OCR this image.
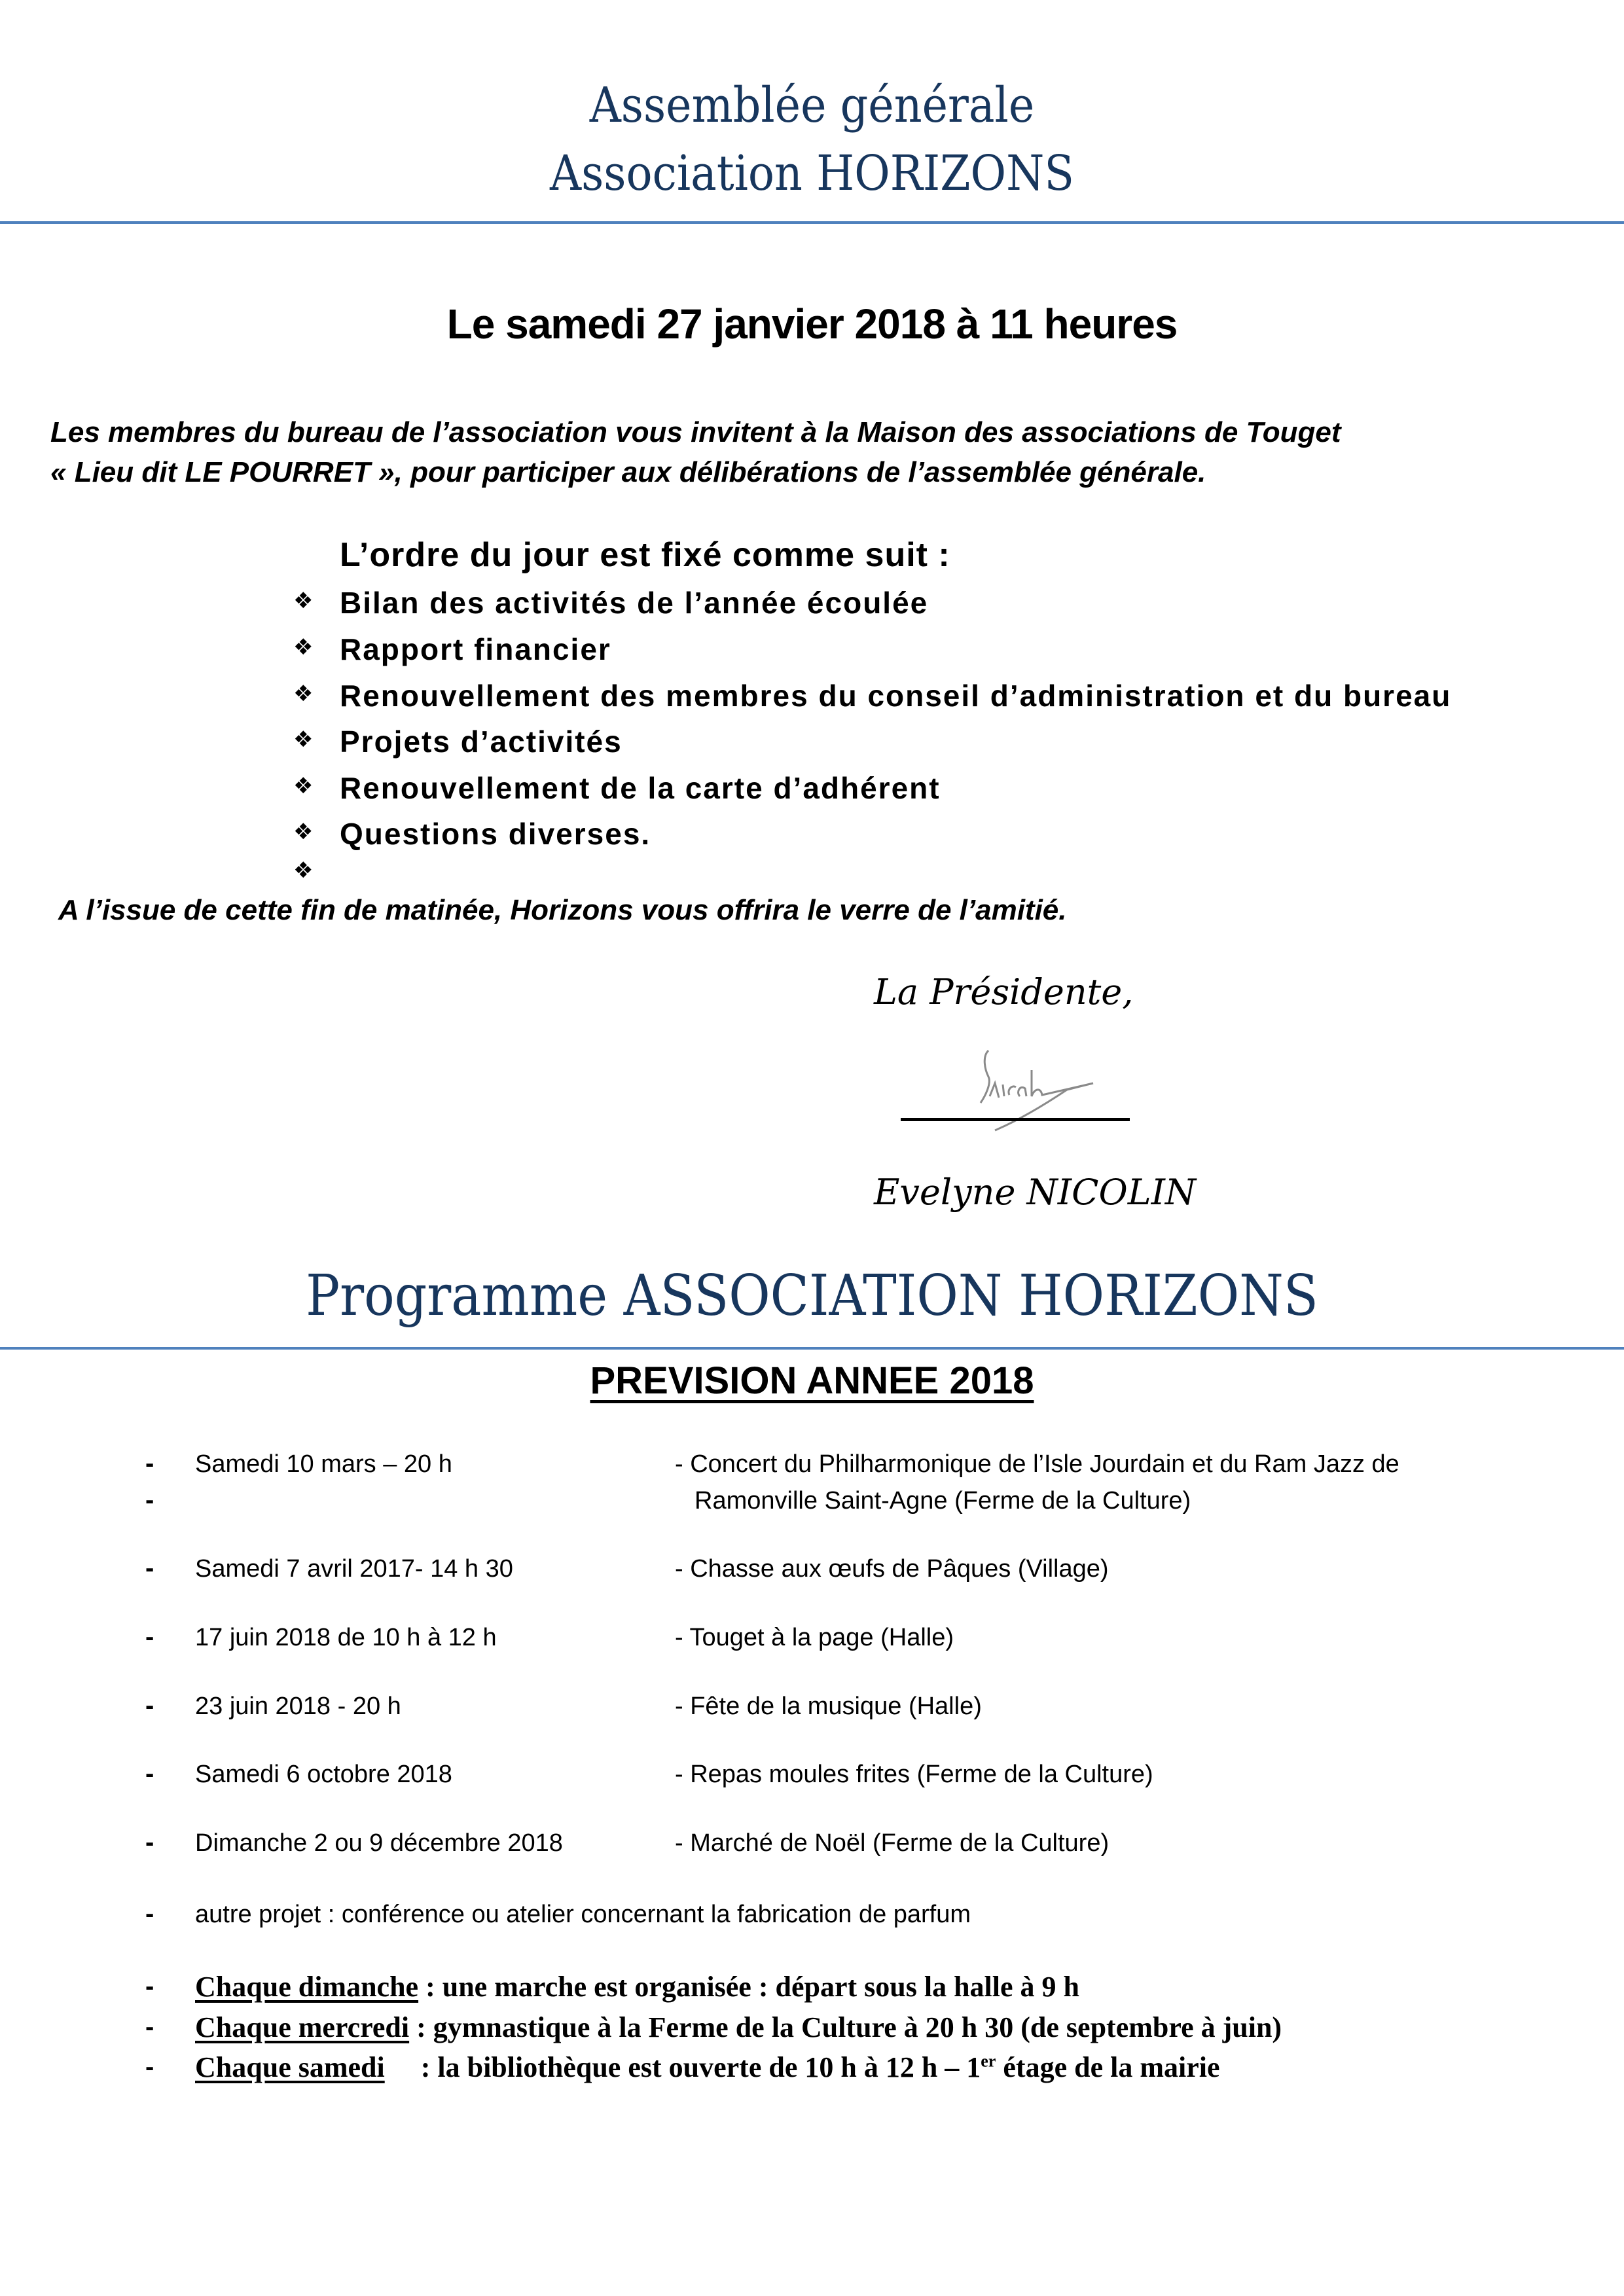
Assemblée générale
Association HORIZONS
Le samedi 27 janvier 2018 à 11 heures
Les membres du bureau de l’association vous invitent à la Maison des associations de Touget
« Lieu dit LE POURRET », pour participer aux délibérations de l’assemblée générale.
L’ordre du jour est fixé comme suit :
❖ Bilan des activités de l’année écoulée
❖ Rapport financier
❖ Renouvellement des membres du conseil d’administration et du bureau
❖ Projets d’activités
❖ Renouvellement de la carte d’adhérent
❖ Questions diverses.
❖
A l’issue de cette fin de matinée, Horizons vous offrira le verre de l’amitié.
La Présidente,
Evelyne NICOLIN
Programme ASSOCIATION HORIZONS
PREVISION ANNEE 2018
- Samedi 10 mars – 20 h	- Concert du Philharmonique de l’Isle Jourdain et du Ram Jazz de
-	Ramonville Saint-Agne (Ferme de la Culture)
- Samedi 7 avril 2017- 14 h 30	- Chasse aux œufs de Pâques (Village)
- 17 juin 2018 de 10 h à 12 h	- Touget à la page (Halle)
- 23 juin 2018 - 20 h	- Fête de la musique (Halle)
- Samedi 6 octobre 2018	- Repas moules frites (Ferme de la Culture)
- Dimanche 2 ou 9 décembre 2018	- Marché de Noël (Ferme de la Culture)
- autre projet : conférence ou atelier concernant la fabrication de parfum
- Chaque dimanche : une marche est organisée : départ sous la halle à 9 h
- Chaque mercredi : gymnastique à la Ferme de la Culture à 20 h 30 (de septembre à juin)
- Chaque samedi     : la bibliothèque est ouverte de 10 h à 12 h – 1er étage de la mairie
